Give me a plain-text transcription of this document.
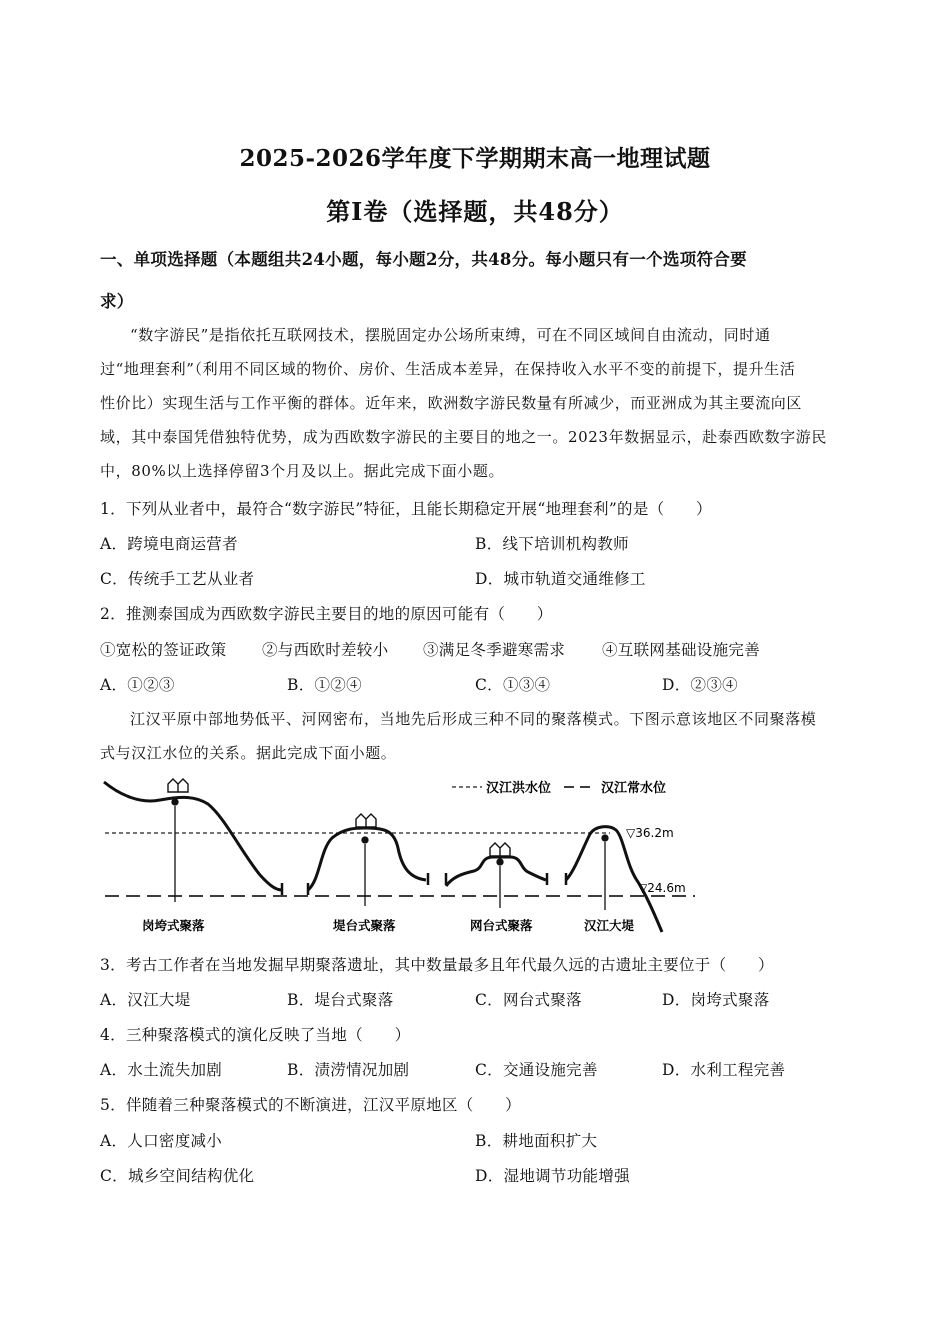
2025-2026学年度下学期期末高一地理试题
第Ⅰ卷（选择题，共48分）
一、单项选择题（本题组共24小题，每小题2分，共48分。每小题只有一个选项符合要
求）
“数字游民”是指依托互联网技术，摆脱固定办公场所束缚，可在不同区域间自由流动，同时通
过“地理套利”（利用不同区域的物价、房价、生活成本差异，在保持收入水平不变的前提下，提升生活
性价比）实现生活与工作平衡的群体。近年来，欧洲数字游民数量有所减少，而亚洲成为其主要流向区
域，其中泰国凭借独特优势，成为西欧数字游民的主要目的地之一。2023年数据显示，赴泰西欧数字游民
中，80%以上选择停留3个月及以上。据此完成下面小题。
1．下列从业者中，最符合“数字游民”特征，且能长期稳定开展“地理套利”的是（　　）
A．跨境电商运营者	B．线下培训机构教师
C．传统手工艺从业者	D．城市轨道交通维修工
2．推测泰国成为西欧数字游民主要目的地的原因可能有（　　）
①宽松的签证政策 ②与西欧时差较小 ③满足冬季避寒需求 ④互联网基础设施完善
A．①②③	B．①②④	C．①③④	D．②③④
江汉平原中部地势低平、河网密布，当地先后形成三种不同的聚落模式。下图示意该地区不同聚落模
式与汉江水位的关系。据此完成下面小题。
汉江洪水位	汉江常水位
▽36.2m
▽24.6m
岗垮式聚落	堤台式聚落	网台式聚落	汉江大堤
3．考古工作者在当地发掘早期聚落遗址，其中数量最多且年代最久远的古遗址主要位于（　　）
A．汉江大堤	B．堤台式聚落	C．网台式聚落	D．岗垮式聚落
4．三种聚落模式的演化反映了当地（　　）
A．水土流失加剧	B．渍涝情况加剧	C．交通设施完善	D．水利工程完善
5．伴随着三种聚落模式的不断演进，江汉平原地区（　　）
A．人口密度减小	B．耕地面积扩大
C．城乡空间结构优化	D．湿地调节功能增强
